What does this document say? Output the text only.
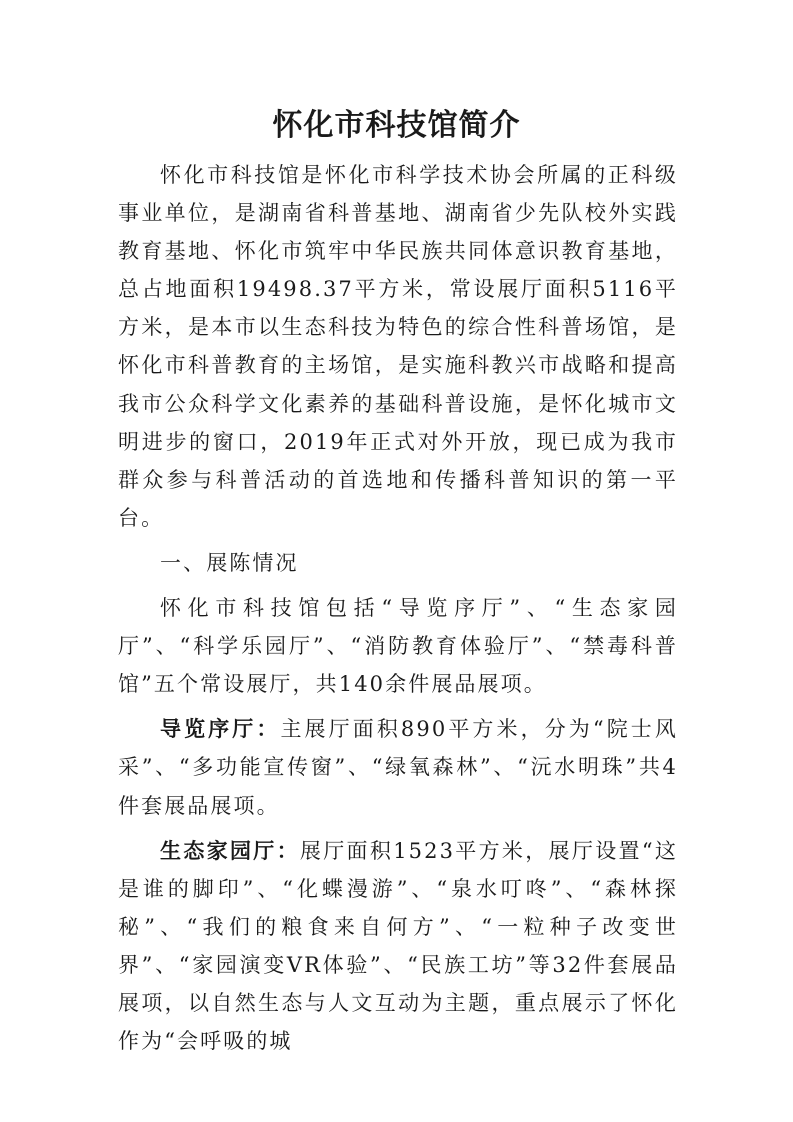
怀化市科技馆简介

怀化市科技馆是怀化市科学技术协会所属的正科级事业单位，是湖南省科普基地、湖南省少先队校外实践教育基地、怀化市筑牢中华民族共同体意识教育基地，总占地面积19498.37平方米，常设展厅面积5116平方米，是本市以生态科技为特色的综合性科普场馆，是怀化市科普教育的主场馆，是实施科教兴市战略和提高我市公众科学文化素养的基础科普设施，是怀化城市文明进步的窗口，2019年正式对外开放，现已成为我市群众参与科普活动的首选地和传播科普知识的第一平台。

一、展陈情况

怀化市科技馆包括“导览序厅”、“生态家园厅”、“科学乐园厅”、“消防教育体验厅”、“禁毒科普馆”五个常设展厅，共140余件展品展项。

导览序厅：主展厅面积890平方米，分为“院士风采”、“多功能宣传窗”、“绿氧森林”、“沅水明珠”共4件套展品展项。

生态家园厅：展厅面积1523平方米，展厅设置“这是谁的脚印”、“化蝶漫游”、“泉水叮咚”、“森林探秘”、“我们的粮食来自何方”、“一粒种子改变世界”、“家园演变VR体验”、“民族工坊”等32件套展品展项，以自然生态与人文互动为主题，重点展示了怀化作为“会呼吸的城
